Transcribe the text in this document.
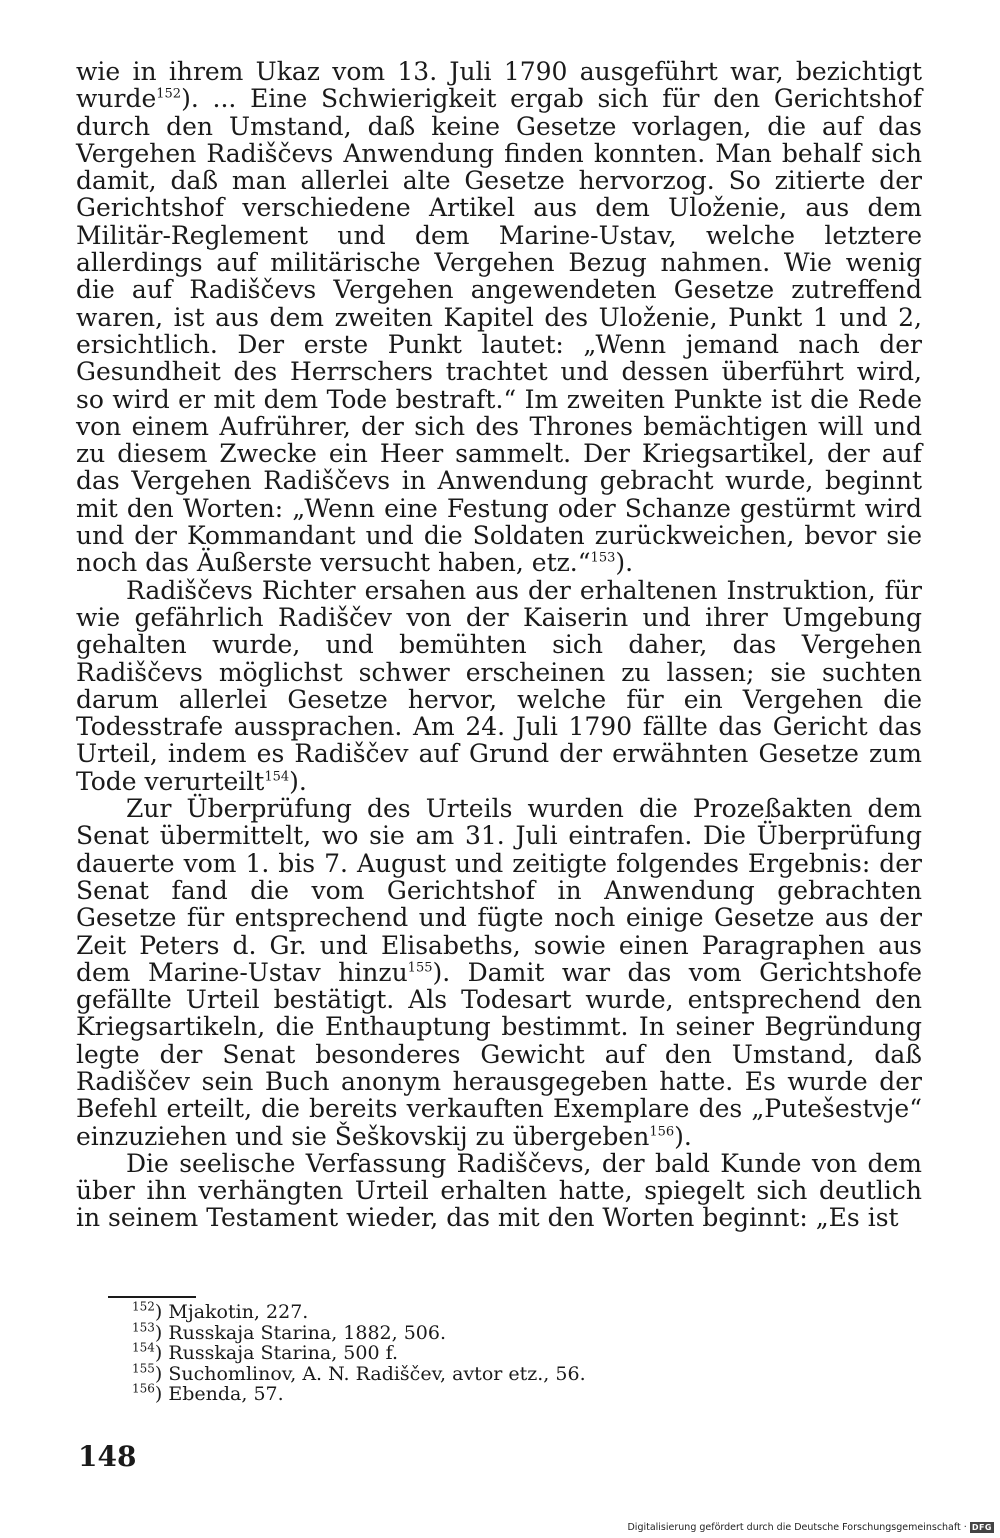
wie in ihrem Ukaz vom 13. Juli 1790 ausgeführt war, bezichtigt wurde$^{152}$). ... Eine Schwierigkeit ergab sich für den Gerichtshof durch den Umstand, daß keine Gesetze vorlagen, die auf das Vergehen Radiščevs Anwendung finden konnten. Man behalf sich damit, daß man allerlei alte Gesetze hervorzog. So zitierte der Gerichtshof verschiedene Artikel aus dem Uloženie, aus dem Militär-Reglement und dem Marine-Ustav, welche letztere allerdings auf militärische Vergehen Bezug nahmen. Wie wenig die auf Radiščevs Vergehen angewendeten Gesetze zutreffend waren, ist aus dem zweiten Kapitel des Uloženie, Punkt 1 und 2, ersichtlich. Der erste Punkt lautet: „Wenn jemand nach der Gesundheit des Herrschers trachtet und dessen überführt wird, so wird er mit dem Tode bestraft.“ Im zweiten Punkte ist die Rede von einem Aufrührer, der sich des Thrones bemächtigen will und zu diesem Zwecke ein Heer sammelt. Der Kriegsartikel, der auf das Vergehen Radiščevs in Anwendung gebracht wurde, beginnt mit den Worten: „Wenn eine Festung oder Schanze gestürmt wird und der Kommandant und die Soldaten zurückweichen, bevor sie noch das Äußerste versucht haben, etz.“$^{153}$).

Radiščevs Richter ersahen aus der erhaltenen Instruktion, für wie gefährlich Radiščev von der Kaiserin und ihrer Umgebung gehalten wurde, und bemühten sich daher, das Vergehen Radiščevs möglichst schwer erscheinen zu lassen; sie suchten darum allerlei Gesetze hervor, welche für ein Vergehen die Todesstrafe aussprachen. Am 24. Juli 1790 fällte das Gericht das Urteil, indem es Radiščev auf Grund der erwähnten Gesetze zum Tode verurteilt$^{154}$).

Zur Überprüfung des Urteils wurden die Prozeßakten dem Senat übermittelt, wo sie am 31. Juli eintrafen. Die Überprüfung dauerte vom 1. bis 7. August und zeitigte folgendes Ergebnis: der Senat fand die vom Gerichtshof in Anwendung gebrachten Gesetze für entsprechend und fügte noch einige Gesetze aus der Zeit Peters d. Gr. und Elisabeths, sowie einen Paragraphen aus dem Marine-Ustav hinzu$^{155}$). Damit war das vom Gerichtshofe gefällte Urteil bestätigt. Als Todesart wurde, entsprechend den Kriegsartikeln, die Enthauptung bestimmt. In seiner Begründung legte der Senat besonderes Gewicht auf den Umstand, daß Radiščev sein Buch anonym herausgegeben hatte. Es wurde der Befehl erteilt, die bereits verkauften Exemplare des „Putešestvje“ einzuziehen und sie Šeškovskij zu übergeben$^{156}$).

Die seelische Verfassung Radiščevs, der bald Kunde von dem über ihn verhängten Urteil erhalten hatte, spiegelt sich deutlich in seinem Testament wieder, das mit den Worten beginnt: „Es ist

$^{152}$) Mjakotin, 227.
$^{153}$) Russkaja Starina, 1882, 506.
$^{154}$) Russkaja Starina, 500 f.
$^{155}$) Suchomlinov, A. N. Radiščev, avtor etz., 56.
$^{156}$) Ebenda, 57.
148
Digitalisierung gefördert durch die Deutsche Forschungsgemeinschaft · DFG
